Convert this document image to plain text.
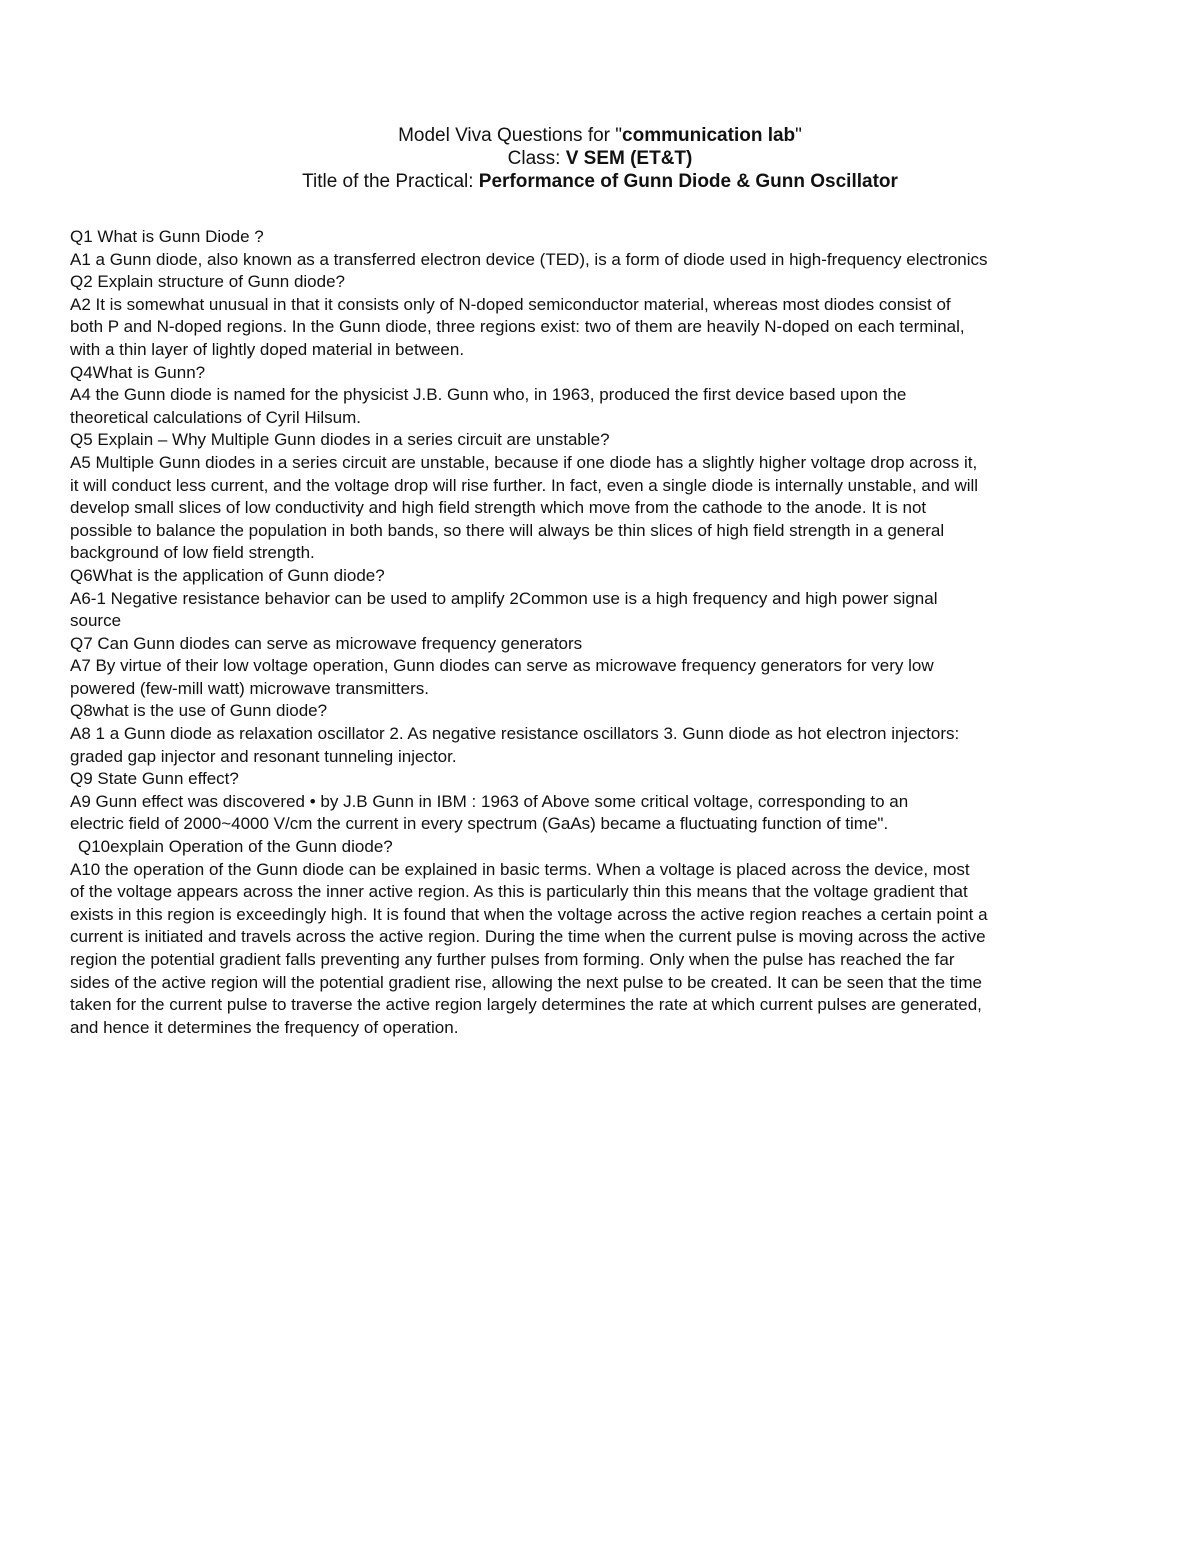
Model Viva Questions for "communication lab"
Class: V SEM (ET&T)
Title of the Practical: Performance of Gunn Diode & Gunn Oscillator
Q1 What is Gunn Diode ?
A1 a Gunn diode, also known as a transferred electron device (TED), is a form of diode used in high-frequency electronics
Q2 Explain structure of Gunn diode?
A2 It is somewhat unusual in that it consists only of N-doped semiconductor material, whereas most diodes consist of
both P and N-doped regions. In the Gunn diode, three regions exist: two of them are heavily N-doped on each terminal,
with a thin layer of lightly doped material in between.
Q4What is Gunn?
A4 the Gunn diode is named for the physicist J.B. Gunn who, in 1963, produced the first device based upon the
theoretical calculations of Cyril Hilsum.
Q5 Explain – Why Multiple Gunn diodes in a series circuit are unstable?
A5 Multiple Gunn diodes in a series circuit are unstable, because if one diode has a slightly higher voltage drop across it,
it will conduct less current, and the voltage drop will rise further. In fact, even a single diode is internally unstable, and will
develop small slices of low conductivity and high field strength which move from the cathode to the anode. It is not
possible to balance the population in both bands, so there will always be thin slices of high field strength in a general
background of low field strength.
Q6What is the application of Gunn diode?
A6-1 Negative resistance behavior can be used to amplify 2Common use is a high frequency and high power signal
source
Q7 Can Gunn diodes can serve as microwave frequency generators
A7 By virtue of their low voltage operation, Gunn diodes can serve as microwave frequency generators for very low
powered (few-mill watt) microwave transmitters.
Q8what is the use of Gunn diode?
A8 1 a Gunn diode as relaxation oscillator 2. As negative resistance oscillators 3. Gunn diode as hot electron injectors:
graded gap injector and resonant tunneling injector.
Q9 State Gunn effect?
A9 Gunn effect was discovered • by J.B Gunn in IBM : 1963 of Above some critical voltage, corresponding to an
electric field of 2000~4000 V/cm the current in every spectrum (GaAs) became a fluctuating function of time".
Q10explain Operation of the Gunn diode?
A10 the operation of the Gunn diode can be explained in basic terms. When a voltage is placed across the device, most
of the voltage appears across the inner active region. As this is particularly thin this means that the voltage gradient that
exists in this region is exceedingly high. It is found that when the voltage across the active region reaches a certain point a
current is initiated and travels across the active region. During the time when the current pulse is moving across the active
region the potential gradient falls preventing any further pulses from forming. Only when the pulse has reached the far
sides of the active region will the potential gradient rise, allowing the next pulse to be created. It can be seen that the time
taken for the current pulse to traverse the active region largely determines the rate at which current pulses are generated,
and hence it determines the frequency of operation.
